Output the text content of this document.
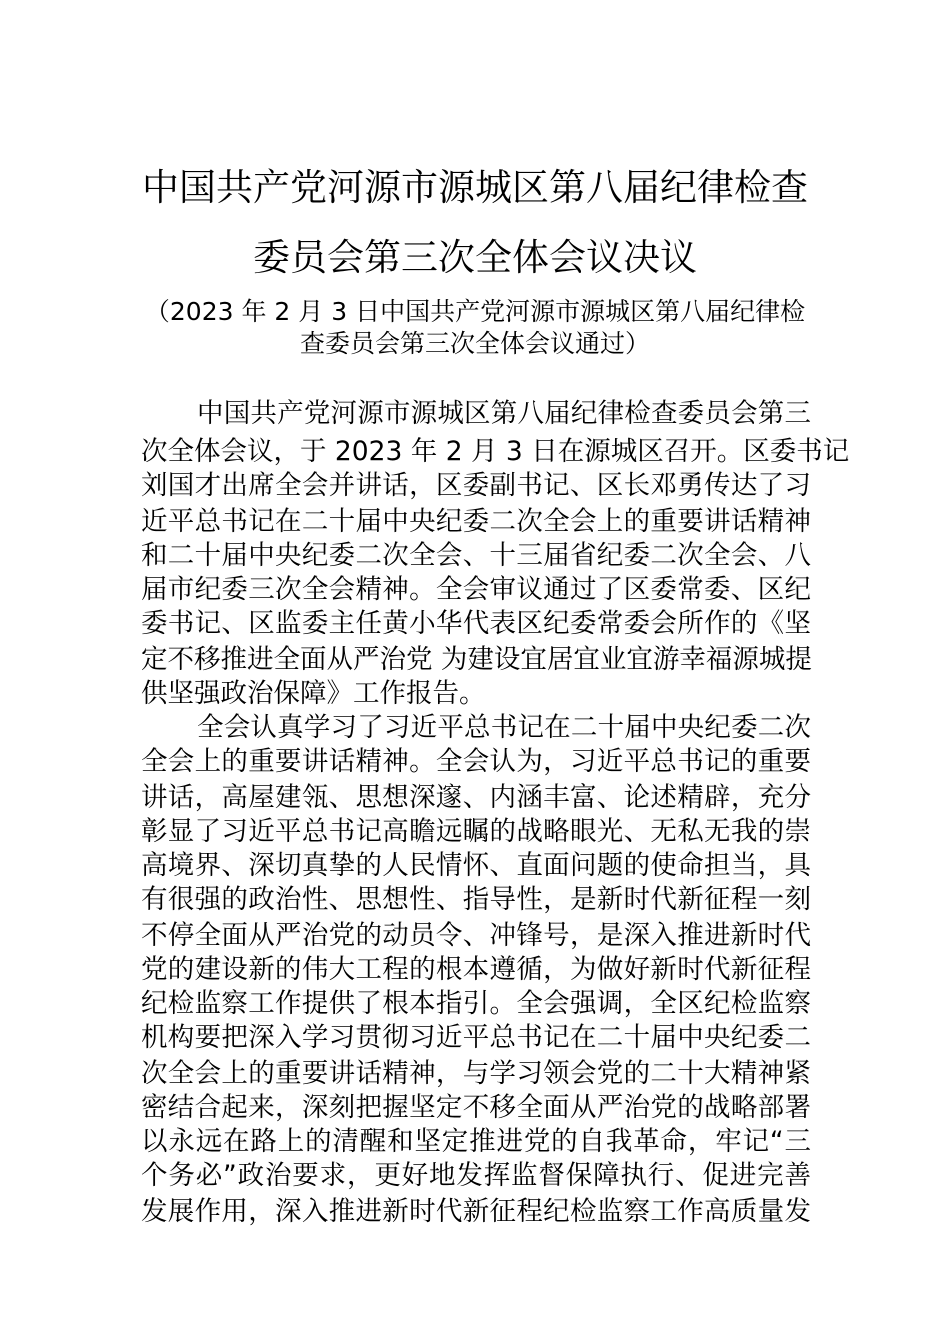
中国共产党河源市源城区第八届纪律检查
委员会第三次全体会议决议
（2023 年 2 月 3 日中国共产党河源市源城区第八届纪律检
查委员会第三次全体会议通过）
中国共产党河源市源城区第八届纪律检查委员会第三
次全体会议，于 2023 年 2 月 3 日在源城区召开。区委书记
刘国才出席全会并讲话，区委副书记、区长邓勇传达了习
近平总书记在二十届中央纪委二次全会上的重要讲话精神
和二十届中央纪委二次全会、十三届省纪委二次全会、八
届市纪委三次全会精神。全会审议通过了区委常委、区纪
委书记、区监委主任黄小华代表区纪委常委会所作的《坚
定不移推进全面从严治党 为建设宜居宜业宜游幸福源城提
供坚强政治保障》工作报告。
全会认真学习了习近平总书记在二十届中央纪委二次
全会上的重要讲话精神。全会认为，习近平总书记的重要
讲话，高屋建瓴、思想深邃、内涵丰富、论述精辟，充分
彰显了习近平总书记高瞻远瞩的战略眼光、无私无我的崇
高境界、深切真挚的人民情怀、直面问题的使命担当，具
有很强的政治性、思想性、指导性，是新时代新征程一刻
不停全面从严治党的动员令、冲锋号，是深入推进新时代
党的建设新的伟大工程的根本遵循，为做好新时代新征程
纪检监察工作提供了根本指引。全会强调，全区纪检监察
机构要把深入学习贯彻习近平总书记在二十届中央纪委二
次全会上的重要讲话精神，与学习领会党的二十大精神紧
密结合起来，深刻把握坚定不移全面从严治党的战略部署
以永远在路上的清醒和坚定推进党的自我革命，牢记“三
个务必”政治要求，更好地发挥监督保障执行、促进完善
发展作用，深入推进新时代新征程纪检监察工作高质量发
